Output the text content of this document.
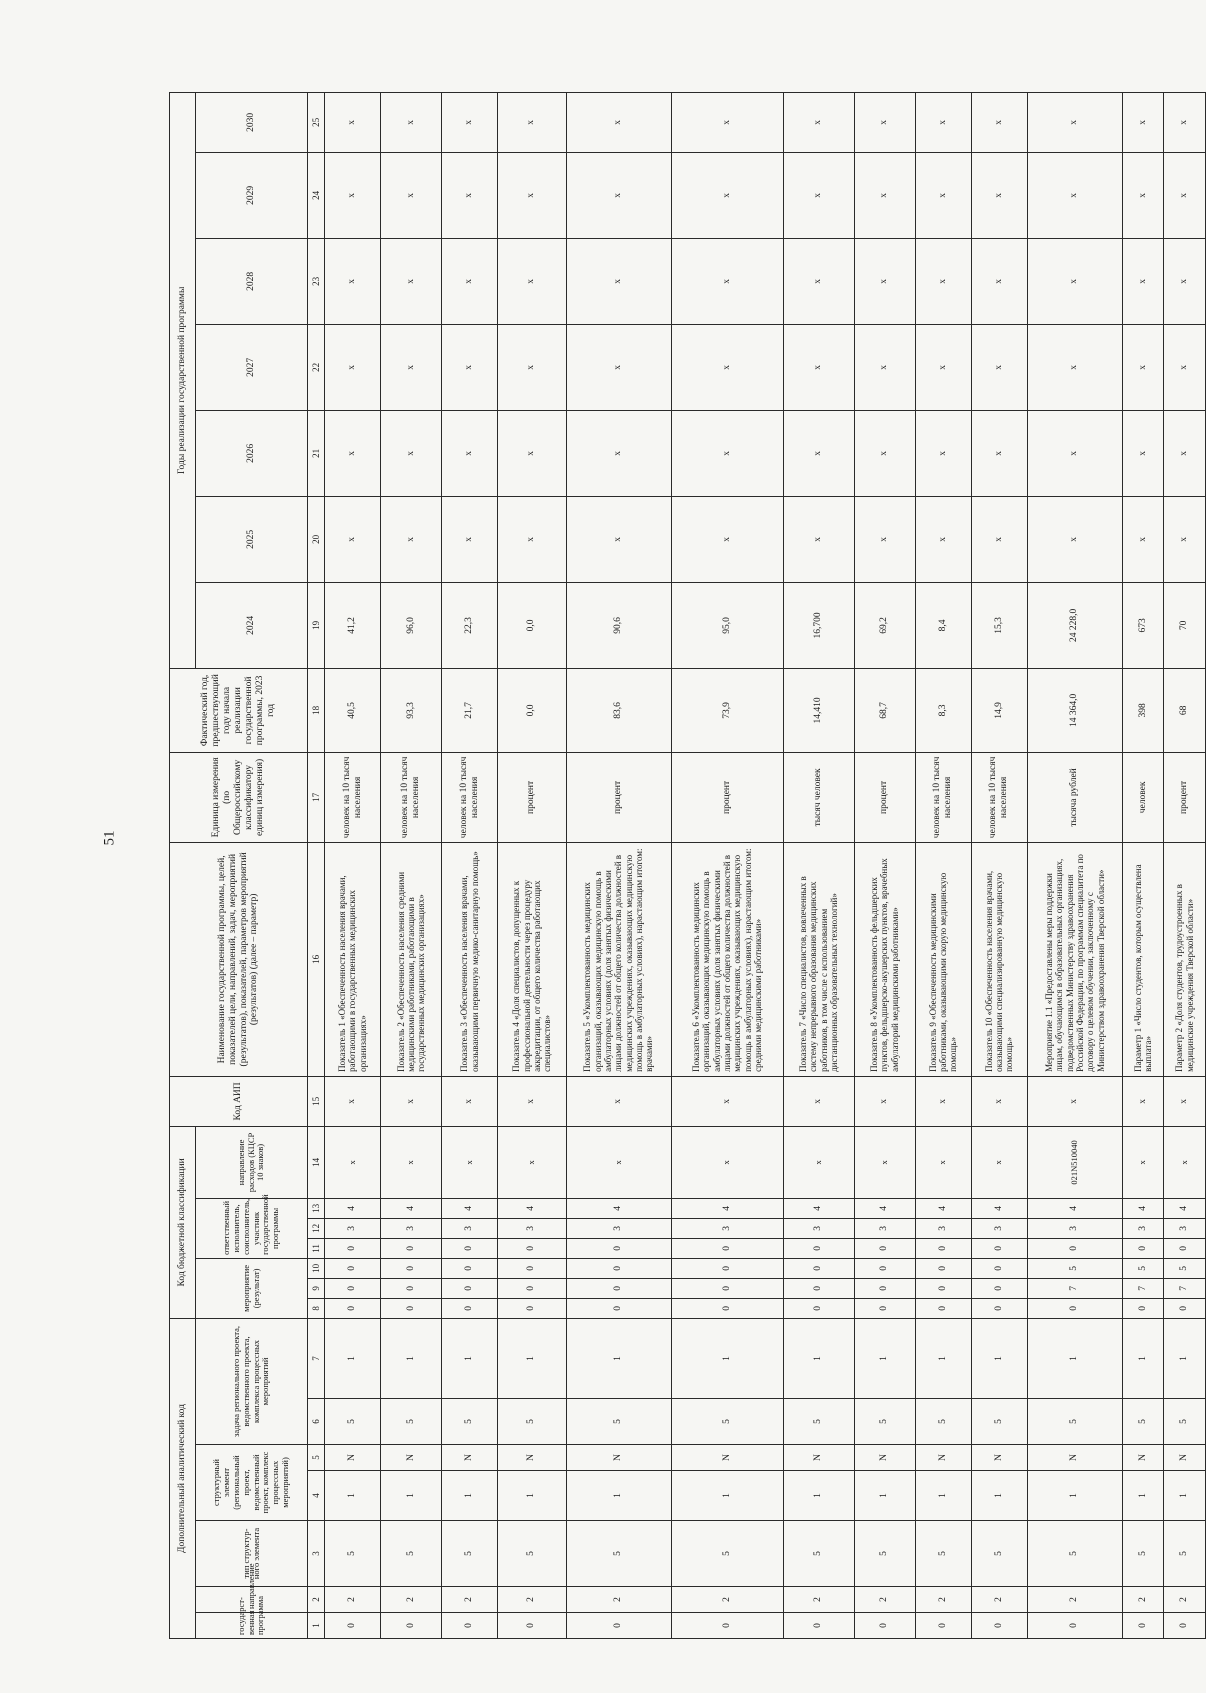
51
Дополнительный аналитический код							Код бюджетной классификации							Код АИП	Наименование государственной программы, целей, показателей цели, направлений, задач, мероприятий (результатов), показателей, параметров мероприятий (результатов) (далее – параметр)	Единица измерения (по Общероссийскому классификатору единиц измерения)	Фактический год, предшествующий году начала реализации государственной программы, 2023 год	Годы реализации государственной программы						
государст-венная программа	направление	тип структур-ного элемента	структурный элемент (региональный проект, ведомственный проект, комплекс процессных мероприятий)		задача регионального проекта, ведомственного проекта, комплекса процессных мероприятий		мероприятие (результат)			ответственный исполнитель, соисполнитель, участник государственной программы			направление расходов (КЦСР 10 знаков)					2024	2025	2026	2027	2028	2029	2030
1	2	3	4	5	6	7	8	9	10	11	12	13	14	15	16	17	18	19	20	21	22	23	24	25
0	2	5	1	N	5	1	0	0	0	0	3	4	x	x	Показатель 1 «Обеспеченность населения врачами, работающими в государственных медицинских организациях»	человек на 10 тысяч населения	40,5	41,2	x	x	x	x	x	x
0	2	5	1	N	5	1	0	0	0	0	3	4	x	x	Показатель 2 «Обеспеченность населения средними медицинскими работниками, работающими в государственных медицинских организациях»	человек на 10 тысяч населения	93,3	96,0	x	x	x	x	x	x
0	2	5	1	N	5	1	0	0	0	0	3	4	x	x	Показатель 3 «Обеспеченность населения врачами, оказывающими первичную медико-санитарную помощь»	человек на 10 тысяч населения	21,7	22,3	x	x	x	x	x	x
0	2	5	1	N	5	1	0	0	0	0	3	4	x	x	Показатель 4 «Доля специалистов, допущенных к профессиональной деятельности через процедуру аккредитации, от общего количества работающих специалистов»	процент	0,0	0,0	x	x	x	x	x	x
0	2	5	1	N	5	1	0	0	0	0	3	4	x	x	Показатель 5 «Укомплектованность медицинских организаций, оказывающих медицинскую помощь в амбулаторных условиях (доля занятых физическими лицами должностей от общего количества должностей в медицинских учреждениях, оказывающих медицинскую помощь в амбулаторных условиях), нарастающим итогом: врачами»	процент	83,6	90,6	x	x	x	x	x	x
0	2	5	1	N	5	1	0	0	0	0	3	4	x	x	Показатель 6 «Укомплектованность медицинских организаций, оказывающих медицинскую помощь в амбулаторных условиях (доля занятых физическими лицами должностей от общего количества должностей в медицинских учреждениях, оказывающих медицинскую помощь в амбулаторных условиях), нарастающим итогом: средними медицинскими работниками»	процент	73,9	95,0	x	x	x	x	x	x
0	2	5	1	N	5	1	0	0	0	0	3	4	x	x	Показатель 7 «Число специалистов, вовлеченных в систему непрерывного образования медицинских работников, в том числе с использованием дистанционных образовательных технологий»	тысяч человек	14,410	16,700	x	x	x	x	x	x
0	2	5	1	N	5	1	0	0	0	0	3	4	x	x	Показатель 8 «Укомплектованность фельдшерских пунктов, фельдшерско-акушерских пунктов, врачебных амбулаторий медицинскими работниками»	процент	68,7	69,2	x	x	x	x	x	x
0	2	5	1	N	5	1	0	0	0	0	3	4	x	x	Показатель 9 «Обеспеченность медицинскими работниками, оказывающими скорую медицинскую помощь»	человек на 10 тысяч населения	8,3	8,4	x	x	x	x	x	x
0	2	5	1	N	5	1	0	0	0	0	3	4	x	x	Показатель 10 «Обеспеченность населения врачами, оказывающими специализированную медицинскую помощь»	человек на 10 тысяч населения	14,9	15,3	x	x	x	x	x	x
0	2	5	1	N	5	1	0	7	5	0	3	4	021N510040	x	Мероприятие 1.1 «Предоставлены меры поддержки лицам, обучающимся в образовательных организациях, подведомственных Министерству здравоохранения Российской Федерации, по программам специалитета по договору о целевом обучении, заключенному с Министерством здравоохранения Тверской области»	тысяча рублей	14 364,0	24 228,0	x	x	x	x	x	x
0	2	5	1	N	5	1	0	7	5	0	3	4	x	x	Параметр 1 «Число студентов, которым осуществлена выплата»	человек	398	673	x	x	x	x	x	x
0	2	5	1	N	5	1	0	7	5	0	3	4	x	x	Параметр 2 «Доля студентов, трудоустроенных в медицинские учреждения Тверской области»	процент	68	70	x	x	x	x	x	x
